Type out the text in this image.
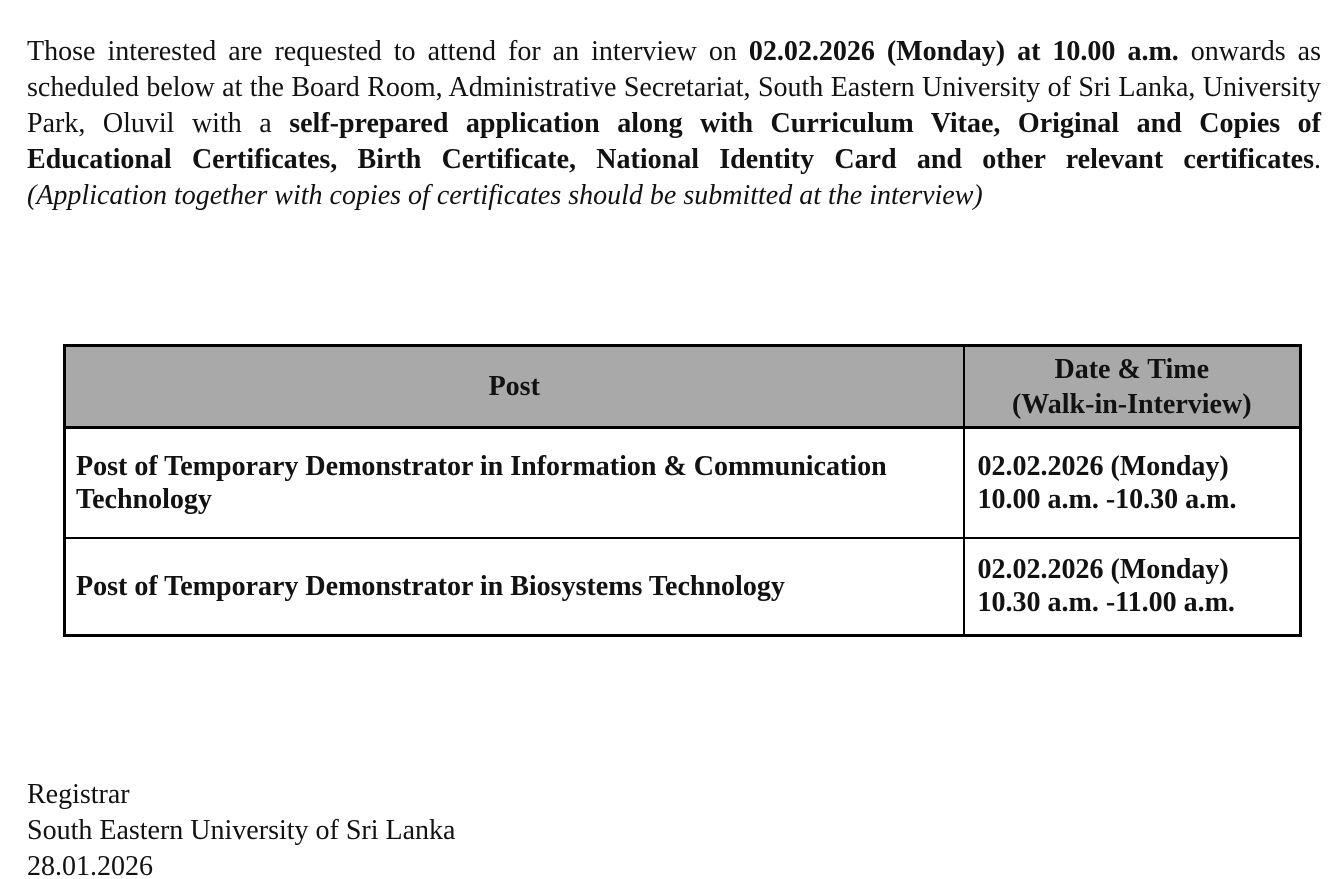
Those interested are requested to attend for an interview on 02.02.2026 (Monday) at 10.00 a.m. onwards as scheduled below at the Board Room, Administrative Secretariat, South Eastern University of Sri Lanka, University Park, Oluvil with a self-prepared application along with Curriculum Vitae, Original and Copies of Educational Certificates, Birth Certificate, National Identity Card and other relevant certificates. (Application together with copies of certificates should be submitted at the interview)

Post	Date & Time
(Walk-in-Interview)

Post of Temporary Demonstrator in Information & Communication Technology	02.02.2026 (Monday)
10.00 a.m. -10.30 a.m.

Post of Temporary Demonstrator in Biosystems Technology	02.02.2026 (Monday)
10.30 a.m. -11.00 a.m.
Registrar
South Eastern University of Sri Lanka
28.01.2026
